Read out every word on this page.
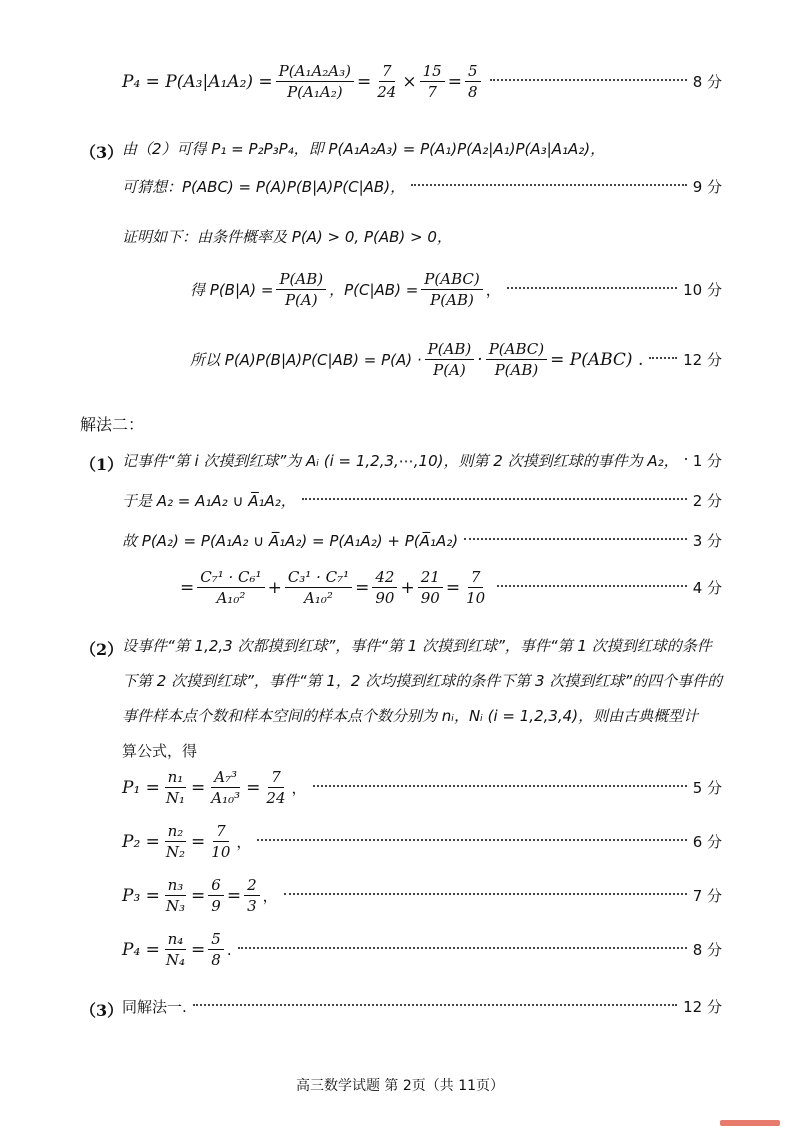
$P_4 = P(A_3|A_1A_2) = \frac{\text{P(A₁A₂A₃)}}{\text{P(A₁A₂)}} = \frac{7}{24} \times \frac{15}{7} = \frac{5}{8}$	8 分
（3）
由（2）可得 P₁ = P₂P₃P₄，即 P(A₁A₂A₃) = P(A₁)P(A₂|A₁)P(A₃|A₁A₂)，
可猜想：P(ABC) = P(A)P(B|A)P(C|AB)，	9 分
证明如下：由条件概率及 P(A) > 0, P(AB) > 0，
得 $P(B|A) = \frac{P(AB)}{P(A)}$ ，$P(C|AB) = \frac{\text{P(ABC)}}{P(AB)}$ ，	10 分
所以 $P(A)P(B|A)P(C|AB) = P(A) \cdot \frac{P(AB)}{P(A)} \cdot \frac{\text{P(ABC)}}{P(AB)} = P(ABC)$ .	12 分
解法二：
（1）
记事件“第 i 次摸到红球”为 Aᵢ (i = 1,2,3,⋯,10)，则第 2 次摸到红球的事件为 A₂， 1 分
于是 A₂ = A₁A₂ ∪ A̅₁A₂，	2 分
故 P(A₂) = P(A₁A₂ ∪ A̅₁A₂) = P(A₁A₂) + P(A̅₁A₂)	3 分
= $\frac{\text{C₇¹ · C₆¹}}{\text{A₁₀²}} + \frac{\text{C₃¹ · C₇¹}}{\text{A₁₀²}} = \frac{42}{90} + \frac{21}{90} = \frac{7}{10}$	4 分
（2）
设事件“第 1,2,3 次都摸到红球”，事件“第 1 次摸到红球”，事件“第 1 次摸到红球的条件
下第 2 次摸到红球”，事件“第 1，2 次均摸到红球的条件下第 3 次摸到红球”的四个事件的
事件样本点个数和样本空间的样本点个数分别为 nᵢ，Nᵢ (i = 1,2,3,4)，则由古典概型计
算公式，得
$P_1 = \frac{\text{n₁}}{\text{N₁}} = \frac{\text{A₇³}}{\text{A₁₀³}} = \frac{7}{24}$ ，	5 分
$P_2 = \frac{\text{n₂}}{\text{N₂}} = \frac{7}{10}$ ，	6 分
$P_3 = \frac{\text{n₃}}{\text{N₃}} = \frac{6}{9} = \frac{2}{3}$ ，	7 分
$P_4 = \frac{\text{n₄}}{\text{N₄}} = \frac{5}{8}$ .	8 分
（3）
同解法一.	12 分
高三数学试题 第 2页（共 11页）
